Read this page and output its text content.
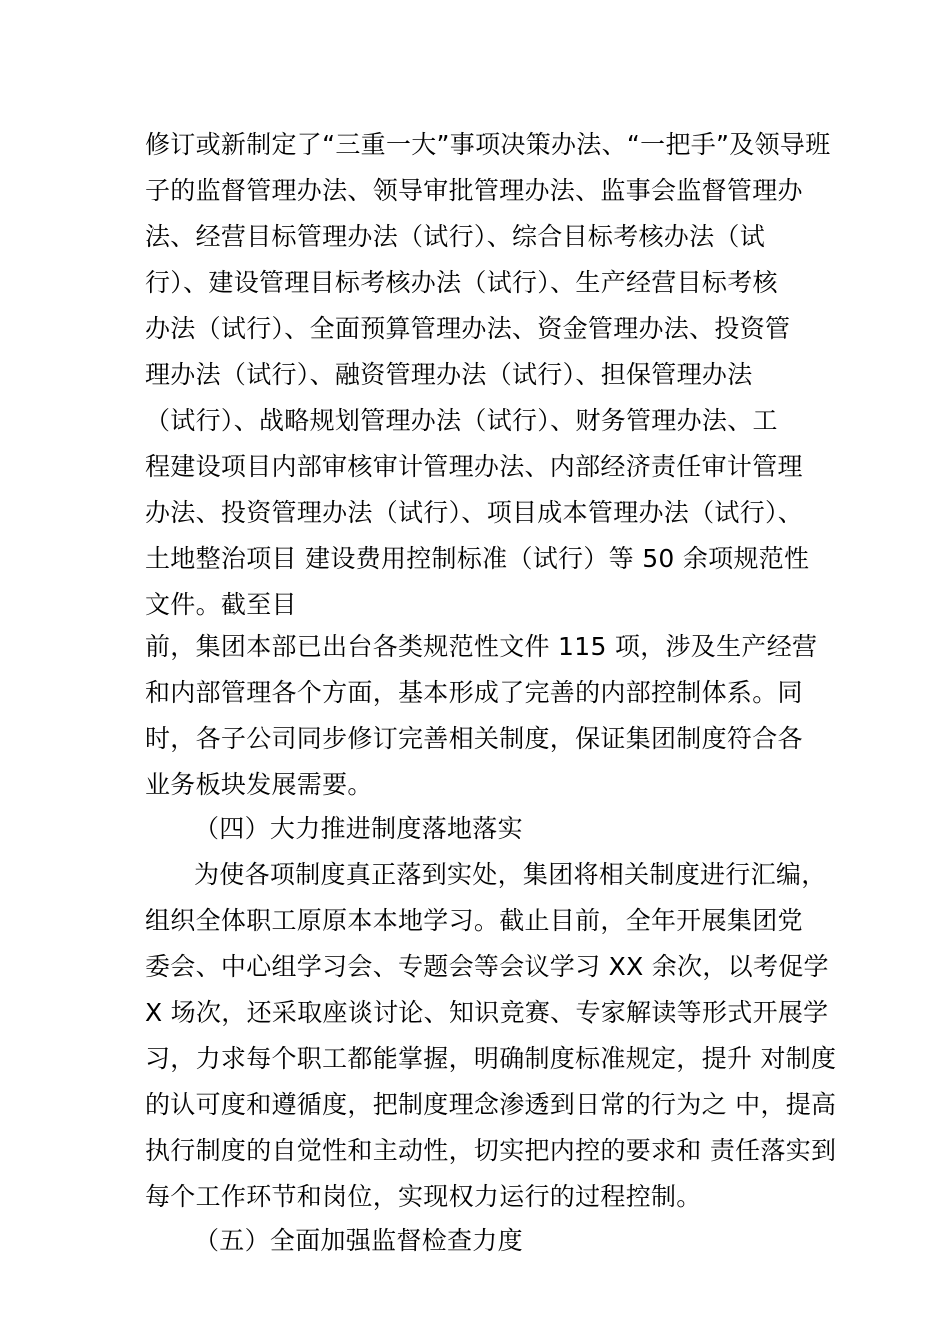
修订或新制定了“三重一大”事项决策办法、“一把手”及领导班
子的监督管理办法、领导审批管理办法、监事会监督管理办
法、经营目标管理办法（试行）、综合目标考核办法（试
行）、建设管理目标考核办法（试行）、生产经营目标考核
办法（试行）、全面预算管理办法、资金管理办法、投资管
理办法（试行）、融资管理办法（试行）、担保管理办法
（试行）、战略规划管理办法（试行）、财务管理办法、工
程建设项目内部审核审计管理办法、内部经济责任审计管理
办法、投资管理办法（试行）、项目成本管理办法（试行）、
土地整治项目 建设费用控制标准（试行）等 50 余项规范性
文件。截至目
前，集团本部已出台各类规范性文件 115 项，涉及生产经营
和内部管理各个方面，基本形成了完善的内部控制体系。同
时，各子公司同步修订完善相关制度，保证集团制度符合各
业务板块发展需要。
（四）大力推进制度落地落实
为使各项制度真正落到实处，集团将相关制度进行汇编，
组织全体职工原原本本地学习。截止目前，全年开展集团党
委会、中心组学习会、专题会等会议学习 XX 余次，以考促学
X 场次，还采取座谈讨论、知识竞赛、专家解读等形式开展学
习，力求每个职工都能掌握，明确制度标准规定，提升 对制度
的认可度和遵循度，把制度理念渗透到日常的行为之 中，提高
执行制度的自觉性和主动性，切实把内控的要求和 责任落实到
每个工作环节和岗位，实现权力运行的过程控制。
（五）全面加强监督检查力度
